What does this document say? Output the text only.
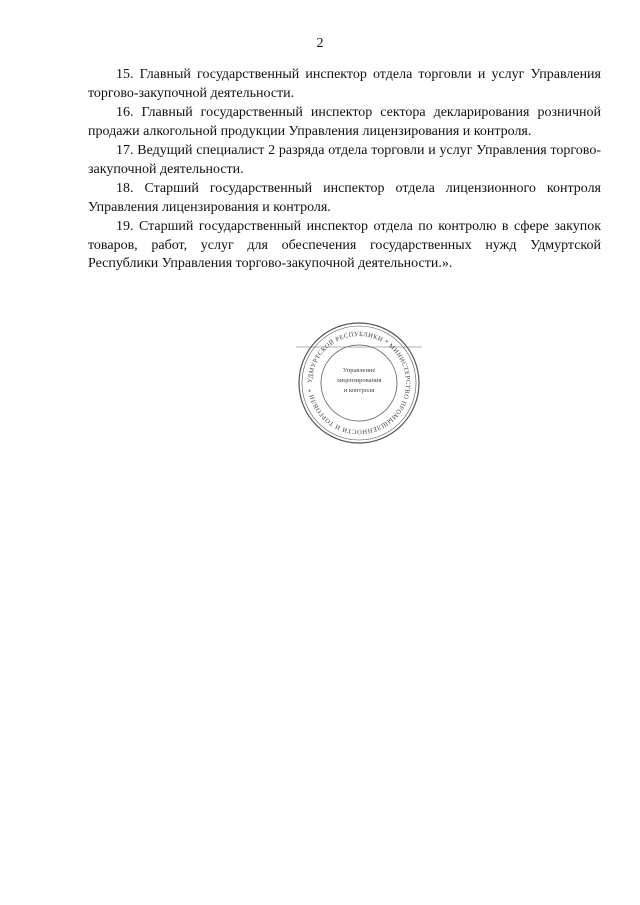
2

15. Главный государственный инспектор отдела торговли и услуг Управления торгово-закупочной деятельности.

16. Главный государственный инспектор сектора декларирования розничной продажи алкогольной продукции Управления лицензирования и контроля.

17. Ведущий специалист 2 разряда отдела торговли и услуг Управления торгово-закупочной деятельности.

18. Старший государственный инспектор отдела лицензионного контроля Управления лицензирования и контроля.

19. Старший государственный инспектор отдела по контролю в сфере закупок товаров, работ, услуг для обеспечения государственных нужд Удмуртской Республики Управления торгово-закупочной деятельности.».

УДМУРТСКОЙ РЕСПУБЛИКИ * МИНИСТЕРСТВО ПРОМЫШЛЕННОСТИ И ТОРГОВЛИ *
Управление
лицензирования
и контроля
